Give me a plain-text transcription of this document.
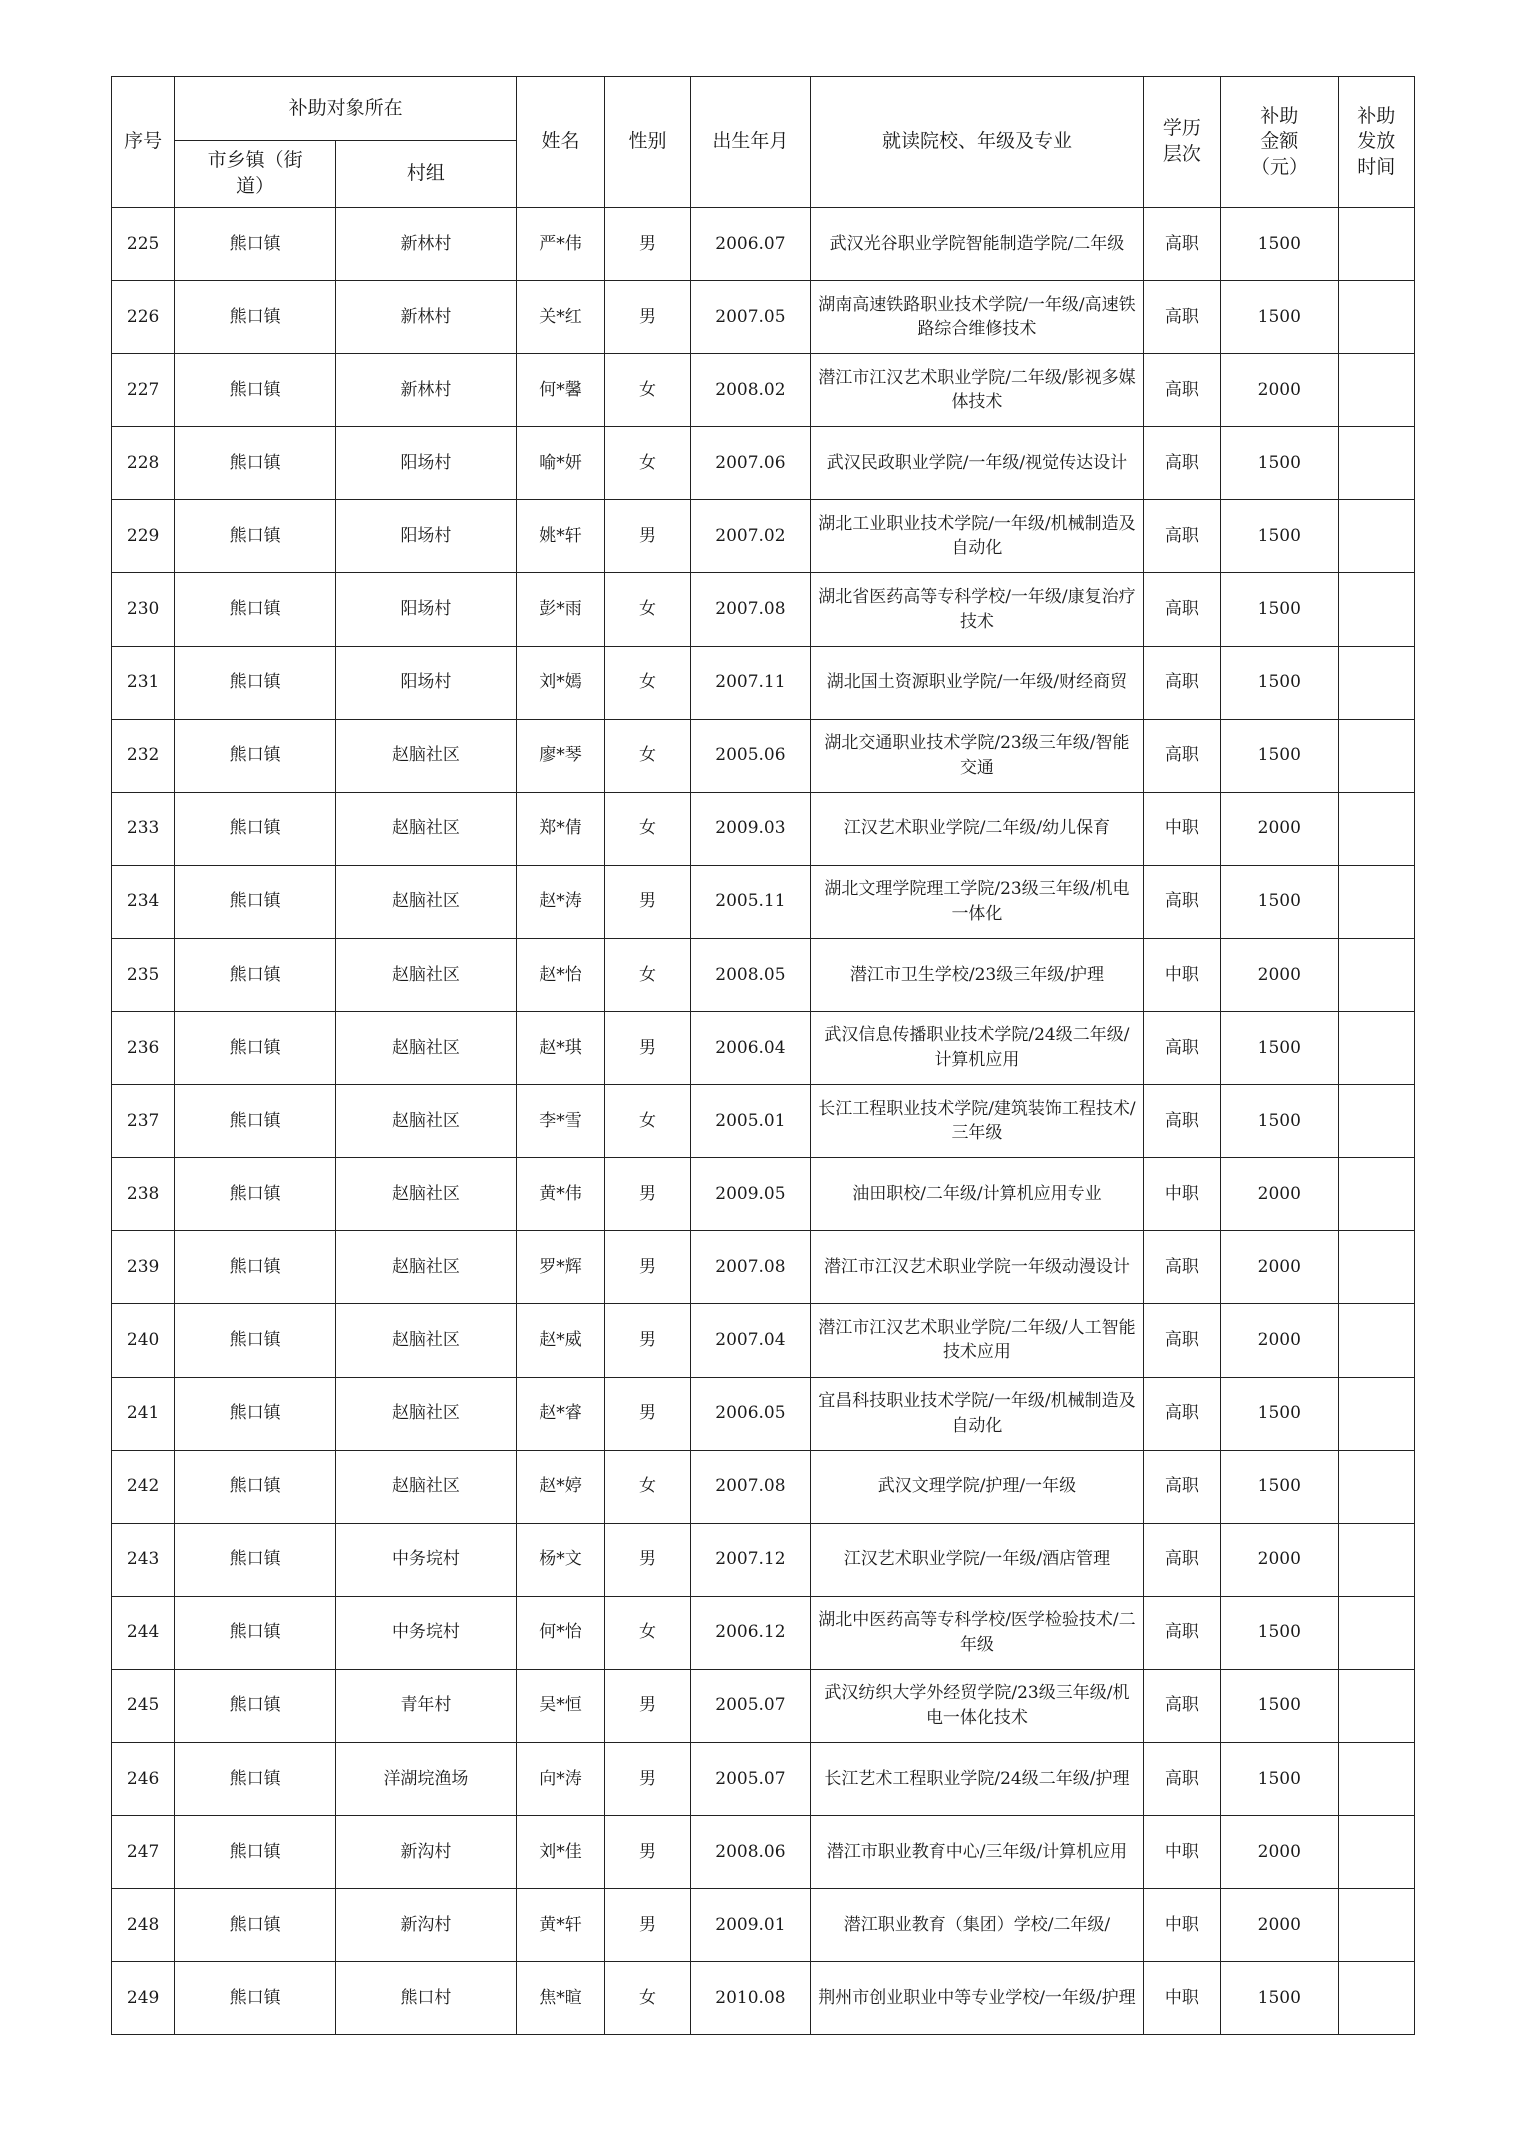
序号	补助对象所在		姓名	性别	出生年月	就读院校、年级及专业	学历层次	补助金额（元）	补助发放时间
	市乡镇（街道）	村组							
225	熊口镇	新林村	严*伟	男	2006.07	武汉光谷职业学院智能制造学院/二年级	高职	1500	
226	熊口镇	新林村	关*红	男	2007.05	湖南高速铁路职业技术学院/一年级/高速铁路综合维修技术	高职	1500	
227	熊口镇	新林村	何*馨	女	2008.02	潜江市江汉艺术职业学院/二年级/影视多媒体技术	高职	2000	
228	熊口镇	阳场村	喻*妍	女	2007.06	武汉民政职业学院/一年级/视觉传达设计	高职	1500	
229	熊口镇	阳场村	姚*轩	男	2007.02	湖北工业职业技术学院/一年级/机械制造及自动化	高职	1500	
230	熊口镇	阳场村	彭*雨	女	2007.08	湖北省医药高等专科学校/一年级/康复治疗技术	高职	1500	
231	熊口镇	阳场村	刘*嫣	女	2007.11	湖北国土资源职业学院/一年级/财经商贸	高职	1500	
232	熊口镇	赵脑社区	廖*琴	女	2005.06	湖北交通职业技术学院/23级三年级/智能交通	高职	1500	
233	熊口镇	赵脑社区	郑*倩	女	2009.03	江汉艺术职业学院/二年级/幼儿保育	中职	2000	
234	熊口镇	赵脑社区	赵*涛	男	2005.11	湖北文理学院理工学院/23级三年级/机电一体化	高职	1500	
235	熊口镇	赵脑社区	赵*怡	女	2008.05	潜江市卫生学校/23级三年级/护理	中职	2000	
236	熊口镇	赵脑社区	赵*琪	男	2006.04	武汉信息传播职业技术学院/24级二年级/计算机应用	高职	1500	
237	熊口镇	赵脑社区	李*雪	女	2005.01	长江工程职业技术学院/建筑装饰工程技术/三年级	高职	1500	
238	熊口镇	赵脑社区	黄*伟	男	2009.05	油田职校/二年级/计算机应用专业	中职	2000	
239	熊口镇	赵脑社区	罗*辉	男	2007.08	潜江市江汉艺术职业学院一年级动漫设计	高职	2000	
240	熊口镇	赵脑社区	赵*威	男	2007.04	潜江市江汉艺术职业学院/二年级/人工智能技术应用	高职	2000	
241	熊口镇	赵脑社区	赵*睿	男	2006.05	宜昌科技职业技术学院/一年级/机械制造及自动化	高职	1500	
242	熊口镇	赵脑社区	赵*婷	女	2007.08	武汉文理学院/护理/一年级	高职	1500	
243	熊口镇	中务垸村	杨*文	男	2007.12	江汉艺术职业学院/一年级/酒店管理	高职	2000	
244	熊口镇	中务垸村	何*怡	女	2006.12	湖北中医药高等专科学校/医学检验技术/二年级	高职	1500	
245	熊口镇	青年村	吴*恒	男	2005.07	武汉纺织大学外经贸学院/23级三年级/机电一体化技术	高职	1500	
246	熊口镇	洋湖垸渔场	向*涛	男	2005.07	长江艺术工程职业学院/24级二年级/护理	高职	1500	
247	熊口镇	新沟村	刘*佳	男	2008.06	潜江市职业教育中心/三年级/计算机应用	中职	2000	
248	熊口镇	新沟村	黄*轩	男	2009.01	潜江职业教育（集团）学校/二年级/	中职	2000	
249	熊口镇	熊口村	焦*暄	女	2010.08	荆州市创业职业中等专业学校/一年级/护理	中职	1500	
